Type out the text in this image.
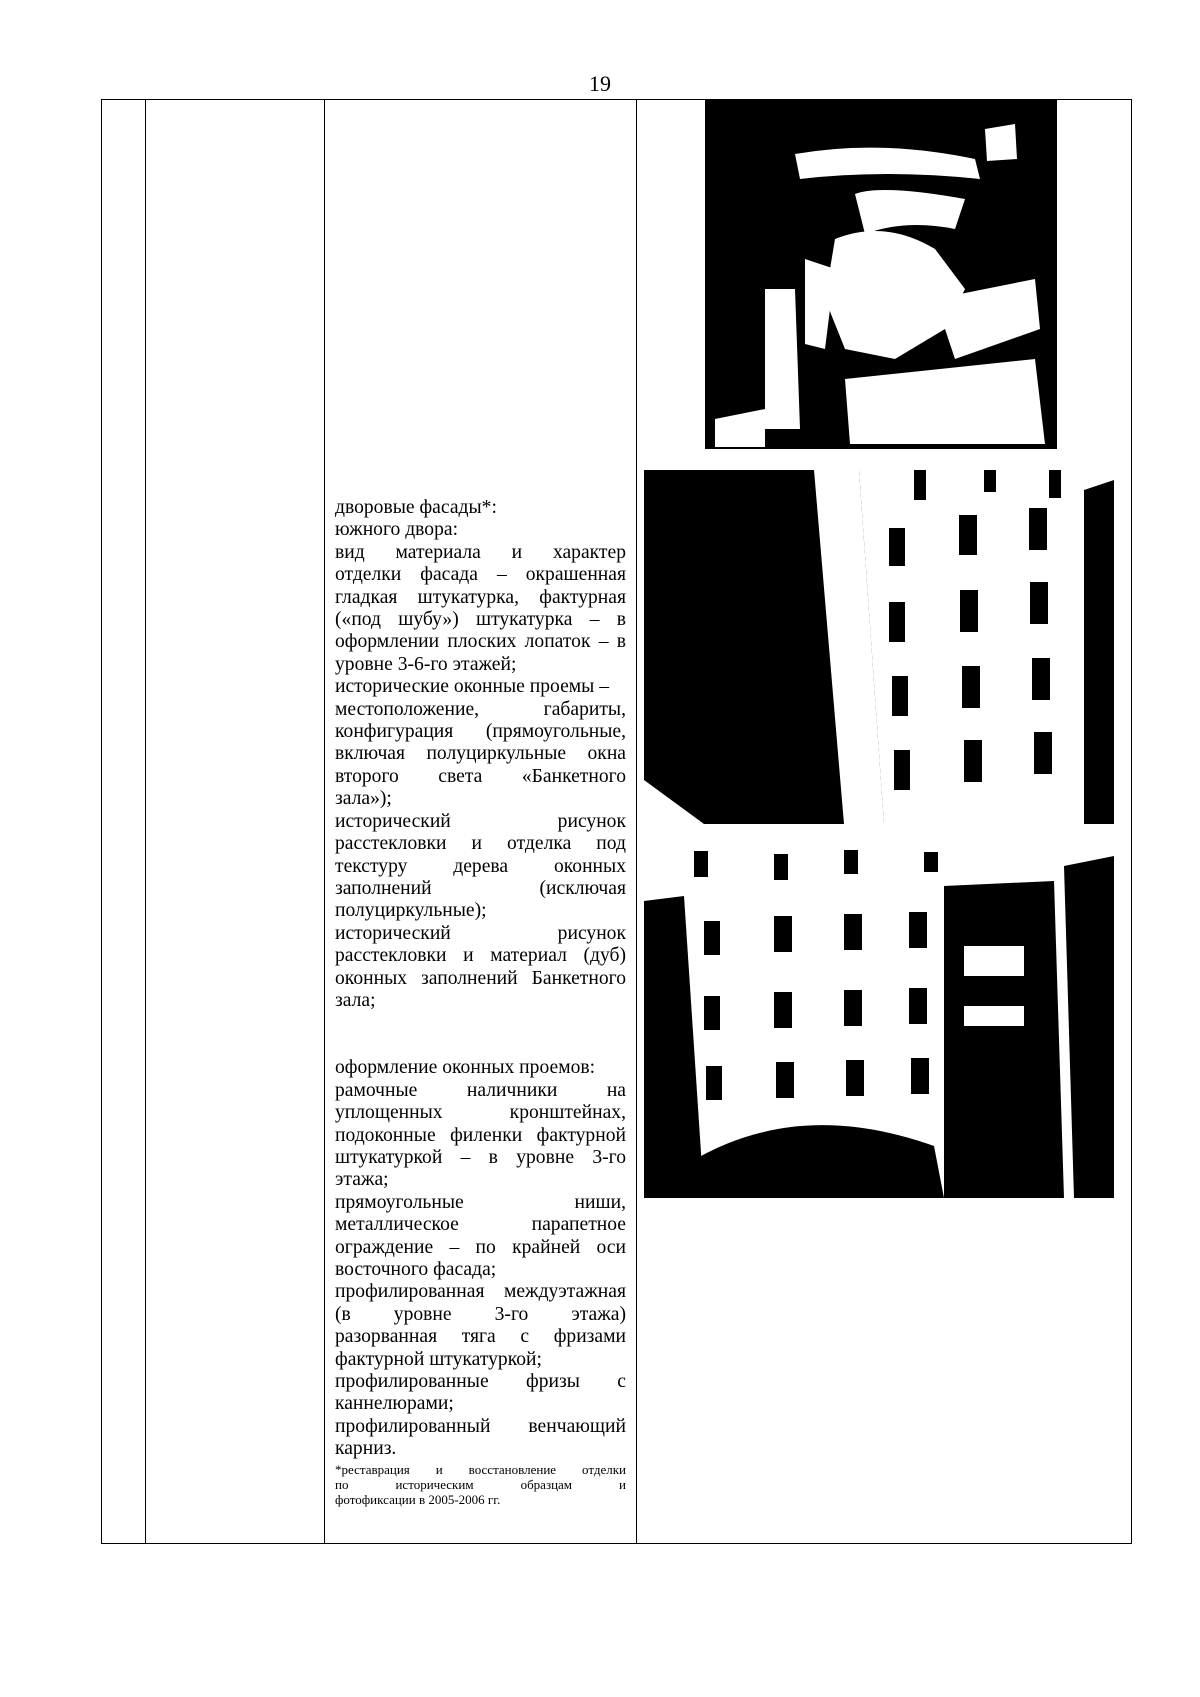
19

дворовые фасады*:

южного двора:

вид материала и характер

отделки фасада – окрашенная

гладкая штукатурка, фактурная

(«под шубу») штукатурка – в

оформлении плоских лопаток – в

уровне 3-6-го этажей;

исторические оконные проемы –

местоположение, габариты,

конфигурация (прямоугольные,

включая полуциркульные окна

второго света «Банкетного

зала»);

исторический рисунок

расстекловки и отделка под

текстуру дерева оконных

заполнений (исключая

полуциркульные);

исторический рисунок

расстекловки и материал (дуб)

оконных заполнений Банкетного

зала;

оформление оконных проемов:

рамочные наличники на

уплощенных кронштейнах,

подоконные филенки фактурной

штукатуркой – в уровне 3-го

этажа;

прямоугольные ниши,

металлическое парапетное

ограждение – по крайней оси

восточного фасада;

профилированная междуэтажная

(в уровне 3-го этажа)

разорванная тяга с фризами

фактурной штукатуркой;

профилированные фризы с

каннелюрами;

профилированный венчающий

карниз.

*реставрация и восстановление отделки

по историческим образцам и

фотофиксации в 2005-2006 гг.
